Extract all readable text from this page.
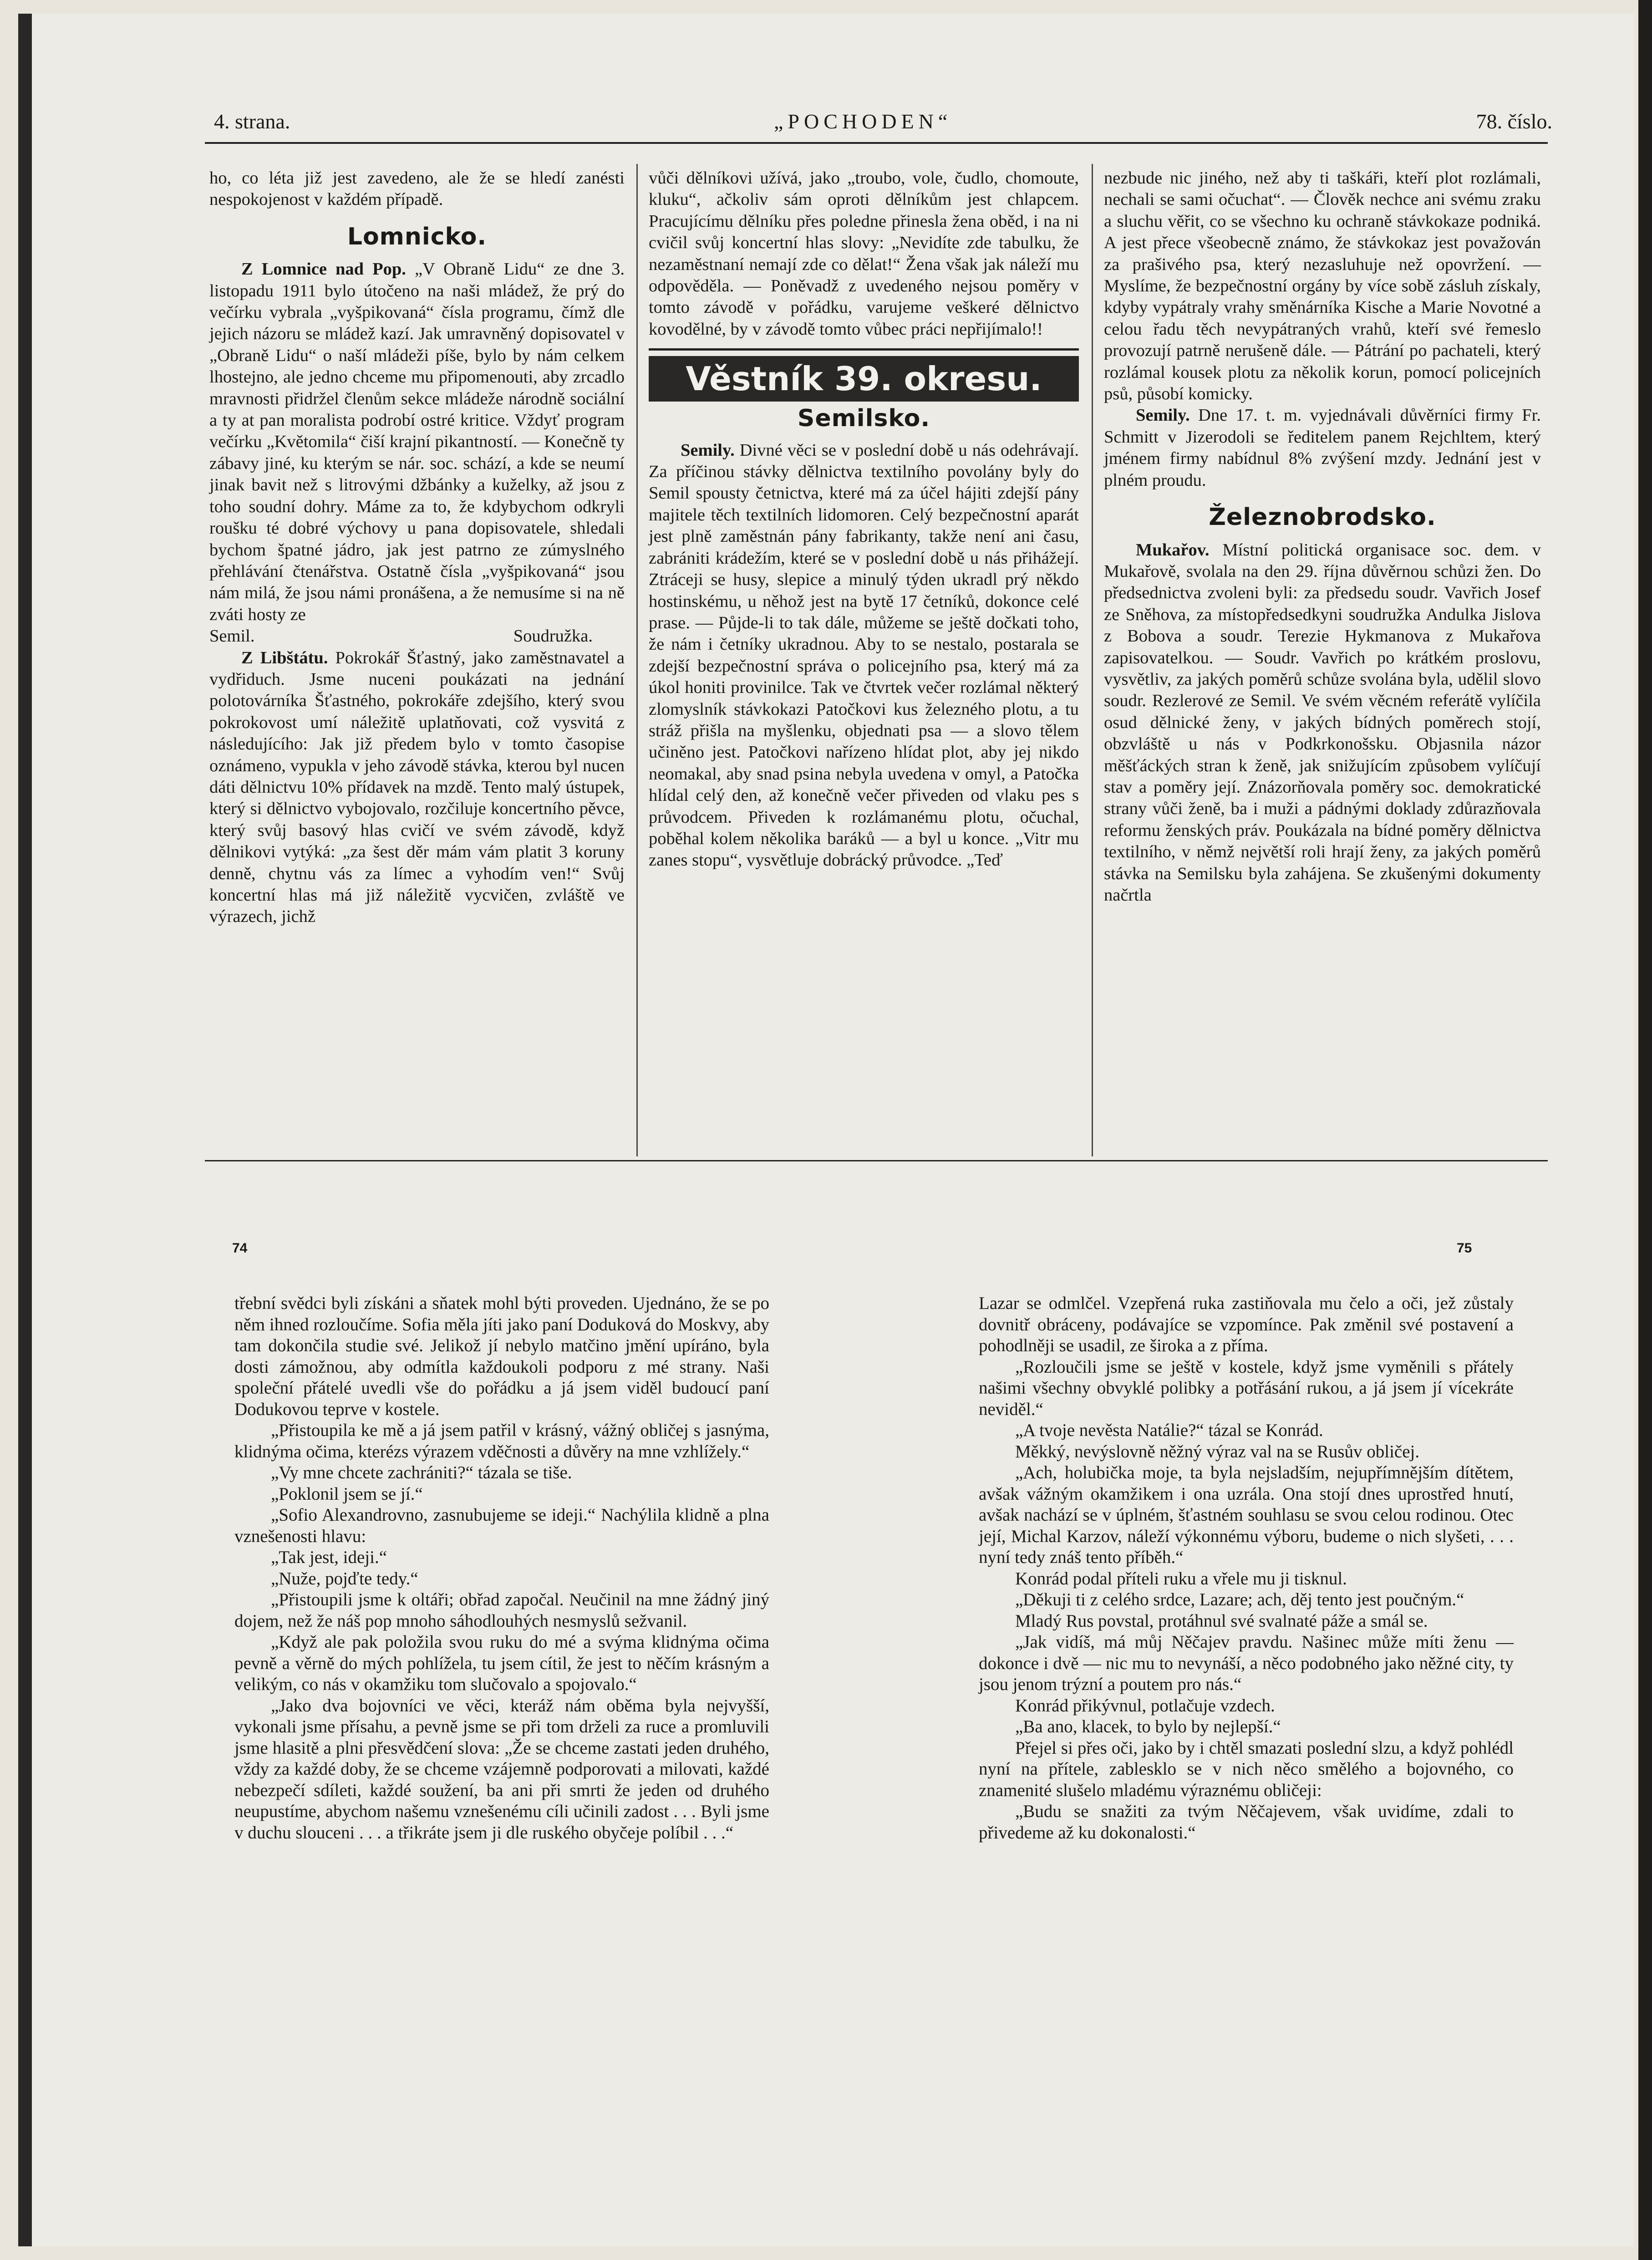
4. strana.	„POCHODEN“	78. číslo.

ho, co léta již jest zavedeno, ale že se hledí zanésti nespokojenost v každém případě.

Lomnicko.

Z Lomnice nad Pop. „V Obraně Lidu“ ze dne 3. listopadu 1911 bylo útočeno na naši mládež, že prý do večírku vybrala „vyšpikovaná“ čísla programu, čímž dle jejich názoru se mládež kazí. Jak umravněný dopisovatel v „Obraně Lidu“ o naší mládeži píše, bylo by nám celkem lhostejno, ale jedno chceme mu připomenouti, aby zrcadlo mravnosti přidržel členům sekce mládeže národně sociální a ty at pan moralista podrobí ostré kritice. Vždyť program večírku „Květomila“ čiší krajní pikantností. — Konečně ty zábavy jiné, ku kterým se nár. soc. schází, a kde se neumí jinak bavit než s litrovými džbánky a kuželky, až jsou z toho soudní dohry. Máme za to, že kdybychom odkryli roušku té dobré výchovy u pana dopisovatele, shledali bychom špatné jádro, jak jest patrno ze zúmyslného přehlávání čtenářstva. Ostatně čísla „vyšpikovaná“ jsou nám milá, že jsou námi pronášena, a že nemusíme si na ně zváti hosty ze

Semil.	Soudružka.

Z Libštátu. Pokrokář Šťastný, jako zaměstnavatel a vydřiduch. Jsme nuceni poukázati na jednání polotovárníka Šťastného, pokrokáře zdejšího, který svou pokrokovost umí náležitě uplatňovati, což vysvitá z následujícího: Jak již předem bylo v tomto časopise oznámeno, vypukla v jeho závodě stávka, kterou byl nucen dáti dělnictvu 10% přídavek na mzdě. Tento malý ústupek, který si dělnictvo vybojovalo, rozčiluje koncertního pěvce, který svůj basový hlas cvičí ve svém závodě, když dělnikovi vytýká: „za šest děr mám vám platit 3 koruny denně, chytnu vás za límec a vyhodím ven!“ Svůj koncertní hlas má již náležitě vycvičen, zvláště ve výrazech, jichž

vůči dělníkovi užívá, jako „troubo, vole, čudlo, chomoute, kluku“, ačkoliv sám oproti dělníkům jest chlapcem. Pracujícímu dělníku přes poledne přinesla žena oběd, i na ni cvičil svůj koncertní hlas slovy: „Nevidíte zde tabulku, že nezaměstnaní nemají zde co dělat!“ Žena však jak náleží mu odpověděla. — Poněvadž z uvedeného nejsou poměry v tomto závodě v pořádku, varujeme veškeré dělnictvo kovodělné, by v závodě tomto vůbec práci nepřijímalo!!

Věstník 39. okresu.
Semilsko.

Semily. Divné věci se v poslední době u nás odehrávají. Za příčinou stávky dělnictva textilního povolány byly do Semil spousty četnictva, které má za účel hájiti zdejší pány majitele těch textilních lidomoren. Celý bezpečnostní aparát jest plně zaměstnán pány fabrikanty, takže není ani času, zabrániti krádežím, které se v poslední době u nás přihážejí. Ztráceji se husy, slepice a minulý týden ukradl prý někdo hostinskému, u něhož jest na bytě 17 četníků, dokonce celé prase. — Půjde-li to tak dále, můžeme se ještě dočkati toho, že nám i četníky ukradnou. Aby to se nestalo, postarala se zdejší bezpečnostní správa o policejního psa, který má za úkol honiti provinilce. Tak ve čtvrtek večer rozlámal některý zlomyslník stávkokazi Patočkovi kus železného plotu, a tu stráž přišla na myšlenku, objednati psa — a slovo tělem učiněno jest. Patočkovi nařízeno hlídat plot, aby jej nikdo neomakal, aby snad psina nebyla uvedena v omyl, a Patočka hlídal celý den, až konečně večer přiveden od vlaku pes s průvodcem. Přiveden k rozlámanému plotu, očuchal, poběhal kolem několika baráků — a byl u konce. „Vitr mu zanes stopu“, vysvětluje dobrácký průvodce. „Teď

nezbude nic jiného, než aby ti taškáři, kteří plot rozlámali, nechali se sami očuchat“. — Člověk nechce ani svému zraku a sluchu věřit, co se všechno ku ochraně stávkokaze podniká. A jest přece všeobecně známo, že stávkokaz jest považován za prašivého psa, který nezasluhuje než opovržení. — Myslíme, že bezpečnostní orgány by více sobě zásluh získaly, kdyby vypátraly vrahy směnárníka Kische a Marie Novotné a celou řadu těch nevypátraných vrahů, kteří své řemeslo provozují patrně nerušeně dále. — Pátrání po pachateli, který rozlámal kousek plotu za několik korun, pomocí policejních psů, působí komicky.

Semily. Dne 17. t. m. vyjednávali důvěrníci firmy Fr. Schmitt v Jizerodoli se ředitelem panem Rejchltem, který jménem firmy nabídnul 8% zvýšení mzdy. Jednání jest v plném proudu.

Železnobrodsko.

Mukařov. Místní politická organisace soc. dem. v Mukařově, svolala na den 29. října důvěrnou schůzi žen. Do předsednictva zvoleni byli: za předsedu soudr. Vavřich Josef ze Sněhova, za místopředsedkyni soudružka Andulka Jislova z Bobova a soudr. Terezie Hykmanova z Mukařova zapisovatelkou. — Soudr. Vavřich po krátkém proslovu, vysvětliv, za jakých poměrů schůze svolána byla, udělil slovo soudr. Rezlerové ze Semil. Ve svém věcném referátě vylíčila osud dělnické ženy, v jakých bídných poměrech stojí, obzvláště u nás v Podkrkonošsku. Objasnila názor měšťáckých stran k ženě, jak snižujícím způsobem vylíčují stav a poměry její. Znázorňovala poměry soc. demokratické strany vůči ženě, ba i muži a pádnými doklady zdůrazňovala reformu ženských práv. Poukázala na bídné poměry dělnictva textilního, v němž největší roli hrají ženy, za jakých poměrů stávka na Semilsku byla zahájena. Se zkušenými dokumenty načrtla

74	75

třební svědci byli získáni a sňatek mohl býti proveden. Ujednáno, že se po něm ihned rozloučíme. Sofia měla jíti jako paní Doduková do Moskvy, aby tam dokončila studie své. Jelikož jí nebylo matčino jmění upíráno, byla dosti zámožnou, aby odmítla každoukoli podporu z mé strany. Naši společní přátelé uvedli vše do pořádku a já jsem viděl budoucí paní Dodukovou teprve v kostele.

„Přistoupila ke mě a já jsem patřil v krásný, vážný obličej s jasnýma, klidnýma očima, kterézs výrazem vděčnosti a důvěry na mne vzhlížely.“

„Vy mne chcete zachrániti?“ tázala se tiše.

„Poklonil jsem se jí.“

„Sofio Alexandrovno, zasnubujeme se ideji.“ Nachýlila klidně a plna vznešenosti hlavu:

„Tak jest, ideji.“

„Nuže, pojďte tedy.“

„Přistoupili jsme k oltáři; obřad započal. Neučinil na mne žádný jiný dojem, než že náš pop mnoho sáhodlouhých nesmyslů sežvanil.

„Když ale pak položila svou ruku do mé a svýma klidnýma očima pevně a věrně do mých pohlížela, tu jsem cítil, že jest to něčím krásným a velikým, co nás v okamžiku tom slučovalo a spojovalo.“

„Jako dva bojovníci ve věci, kteráž nám oběma byla nejvyšší, vykonali jsme přísahu, a pevně jsme se při tom drželi za ruce a promluvili jsme hlasitě a plni přesvědčení slova: „Že se chceme zastati jeden druhého, vždy za každé doby, že se chceme vzájemně podporovati a milovati, každé nebezpečí sdíleti, každé soužení, ba ani při smrti že jeden od druhého neupustíme, abychom našemu vznešenému cíli učinili zadost . . . Byli jsme v duchu slouceni . . . a třikráte jsem ji dle ruského obyčeje políbil . . .“

Lazar se odmlčel. Vzepřená ruka zastiňovala mu čelo a oči, jež zůstaly dovnitř obráceny, podávajíce se vzpomínce. Pak změnil své postavení a pohodlněji se usadil, ze široka a z příma.

„Rozloučili jsme se ještě v kostele, když jsme vyměnili s přátely našimi všechny obvyklé polibky a potřásání rukou, a já jsem jí vícekráte neviděl.“

„A tvoje nevěsta Natálie?“ tázal se Konrád.

Měkký, nevýslovně něžný výraz val na se Rusův obličej.

„Ach, holubička moje, ta byla nejsladším, nejupřímnějším dítětem, avšak vážným okamžikem i ona uzrála. Ona stojí dnes uprostřed hnutí, avšak nachází se v úplném, šťastném souhlasu se svou celou rodinou. Otec její, Michal Karzov, náleží výkonnému výboru, budeme o nich slyšeti, . . . nyní tedy znáš tento příběh.“

Konrád podal příteli ruku a vřele mu ji tisknul.

„Děkuji ti z celého srdce, Lazare; ach, děj tento jest poučným.“

Mladý Rus povstal, protáhnul své svalnaté páže a smál se.

„Jak vidíš, má můj Něčajev pravdu. Našinec může míti ženu — dokonce i dvě — nic mu to nevynáší, a něco podobného jako něžné city, ty jsou jenom trýzní a poutem pro nás.“

Konrád přikývnul, potlačuje vzdech.

„Ba ano, klacek, to bylo by nejlepší.“

Přejel si přes oči, jako by i chtěl smazati poslední slzu, a když pohlédl nyní na přítele, zablesklo se v nich něco smělého a bojovného, co znamenité slušelo mladému výraznému obličeji:

„Budu se snažiti za tvým Něčajevem, však uvidíme, zdali to přivedeme až ku dokonalosti.“
